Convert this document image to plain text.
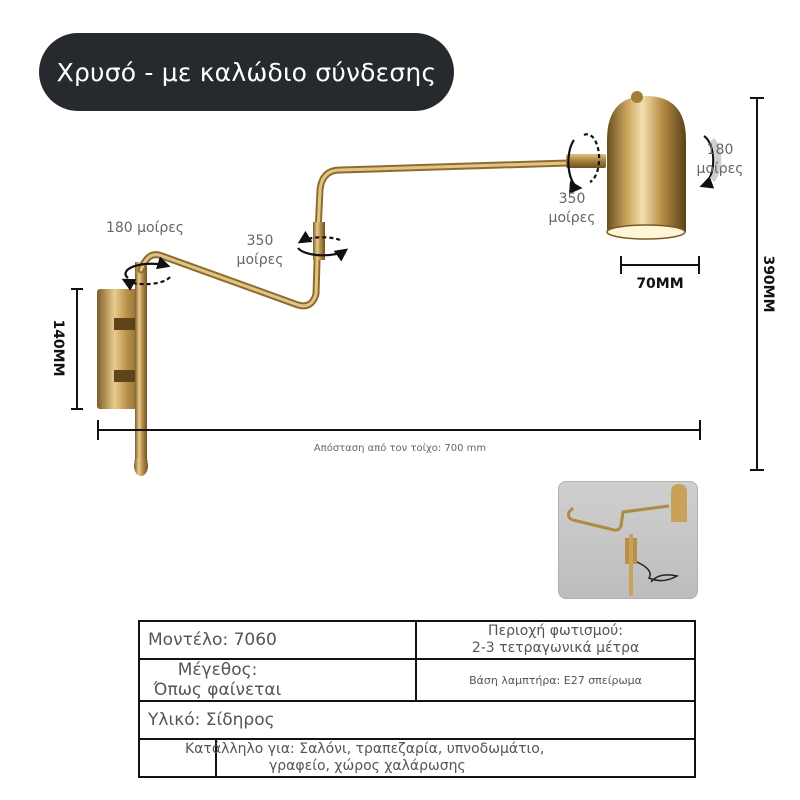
Χρυσό - με καλώδιο σύνδεσης
180 μοίρες
350
μοίρες
350
μοίρες
180
μοίρες
140MM
70MM	390MM
Απόσταση από τον τοίχο: 700 mm
Μοντέλο: 7060		Περιοχή φωτισμού:
2-3 τετραγωνικά μέτρα

Μέγεθος:
Όπως φαίνεται		Βάση λαμπτήρα: E27 σπείρωμα
Υλικό: Σίδηρος		

	Κατάλληλο για: Σαλόνι, τραπεζαρία, υπνοδωμάτιο,
γραφείο, χώρος χαλάρωσης	
